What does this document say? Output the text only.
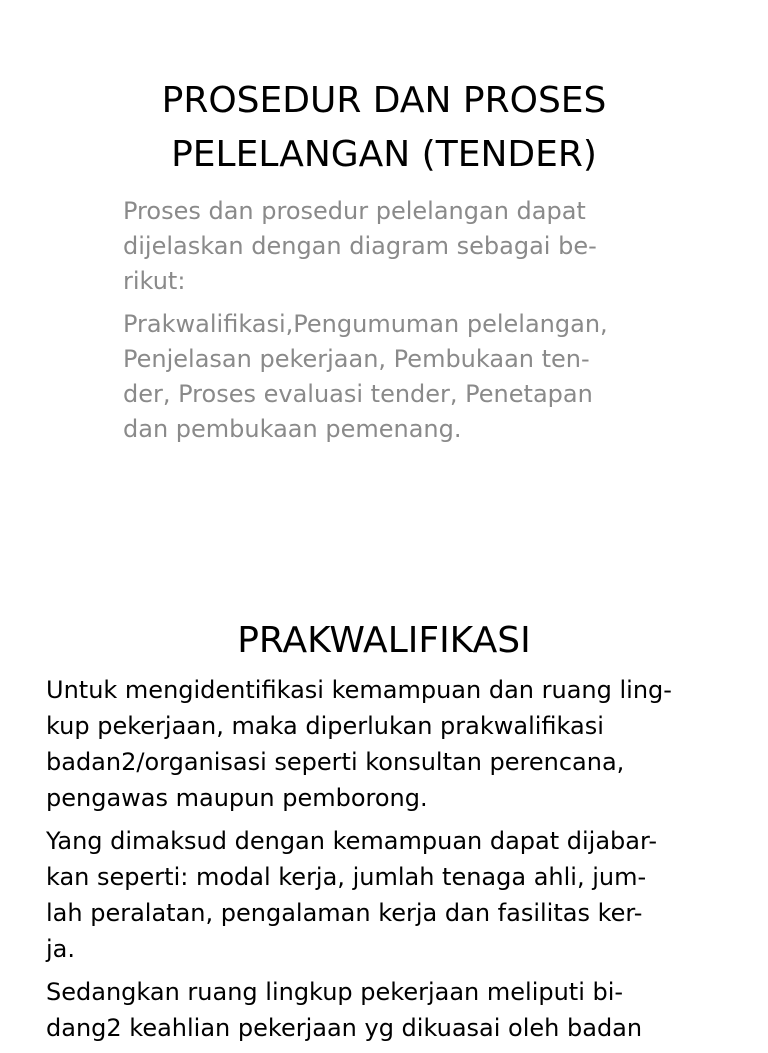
PROSEDUR DAN PROSES
PELELANGAN (TENDER)

Proses dan prosedur pelelangan dapat
dijelaskan dengan diagram sebagai be-
rikut:

Prakwalifikasi,Pengumuman pelelangan,
Penjelasan pekerjaan, Pembukaan ten-
der, Proses evaluasi tender, Penetapan
dan pembukaan pemenang.

PRAKWALIFIKASI

Untuk mengidentifikasi kemampuan dan ruang ling-
kup pekerjaan, maka diperlukan prakwalifikasi
badan2/organisasi seperti konsultan perencana,
pengawas maupun pemborong.

Yang dimaksud dengan kemampuan dapat dijabar-
kan seperti: modal kerja, jumlah tenaga ahli, jum-
lah peralatan, pengalaman kerja dan fasilitas ker-
ja.

Sedangkan ruang lingkup pekerjaan meliputi bi-
dang2 keahlian pekerjaan yg dikuasai oleh badan
